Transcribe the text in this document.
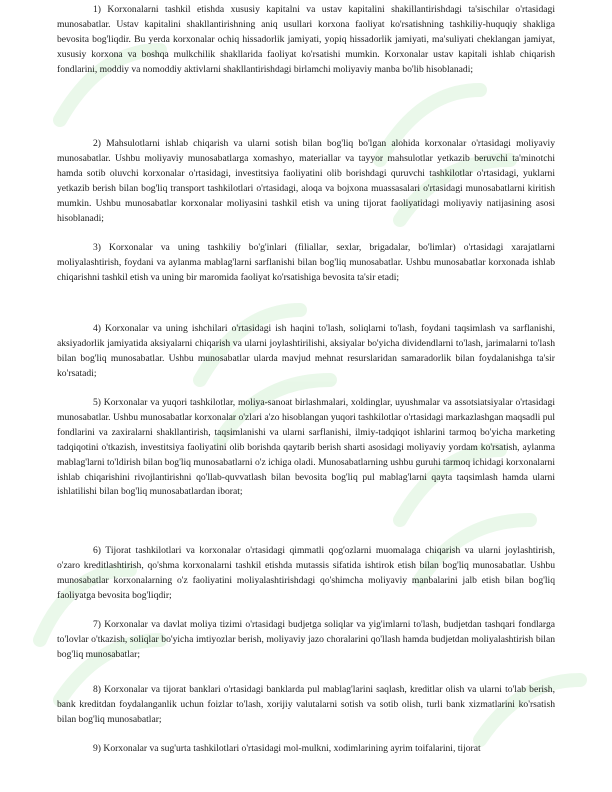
1) Korxonalarni tashkil etishda xususiy kapitalni va ustav kapitalini shakillantirishdagi ta'sischilar o'rtasidagi munosabatlar. Ustav kapitalini shakllantirishning aniq usullari korxona faoliyat ko'rsatishning tashkiliy-huquqiy shakliga bevosita bog'liqdir. Bu yerda korxonalar ochiq hissadorlik jamiyati, yopiq hissadorlik jamiyati, ma'suliyati cheklangan jamiyat, xususiy korxona va boshqa mulkchilik shakllarida faoliyat ko'rsatishi mumkin. Korxonalar ustav kapitali ishlab chiqarish fondlarini, moddiy va nomoddiy aktivlarni shakllantirishdagi birlamchi moliyaviy manba bo'lib hisoblanadi;

2) Mahsulotlarni ishlab chiqarish va ularni sotish bilan bog'liq bo'lgan alohida korxonalar o'rtasidagi moliyaviy munosabatlar. Ushbu moliyaviy munosabatlarga xomashyo, materiallar va tayyor mahsulotlar yetkazib beruvchi ta'minotchi hamda sotib oluvchi korxonalar o'rtasidagi, investitsiya faoliyatini olib borishdagi quruvchi tashkilotlar o'rtasidagi, yuklarni yetkazib berish bilan bog'liq transport tashkilotlari o'rtasidagi, aloqa va bojxona muassasalari o'rtasidagi munosabatlarni kiritish mumkin. Ushbu munosabatlar korxonalar moliyasini tashkil etish va uning tijorat faoliyatidagi moliyaviy natijasining asosi hisoblanadi;

3) Korxonalar va uning tashkiliy bo'g'inlari (filiallar, sexlar, brigadalar, bo'limlar) o'rtasidagi xarajatlarni moliyalashtirish, foydani va aylanma mablag'larni sarflanishi bilan bog'liq munosabatlar. Ushbu munosabatlar korxonada ishlab chiqarishni tashkil etish va uning bir maromida faoliyat ko'rsatishiga bevosita ta'sir etadi;

4) Korxonalar va uning ishchilari o'rtasidagi ish haqini to'lash, soliqlarni to'lash, foydani taqsimlash va sarflanishi, aksiyadorlik jamiyatida aksiyalarni chiqarish va ularni joylashtirilishi, aksiyalar bo'yicha dividendlarni to'lash, jarimalarni to'lash bilan bog'liq munosabatlar. Ushbu munosabatlar ularda mavjud mehnat resurslaridan samaradorlik bilan foydalanishga ta'sir ko'rsatadi;

5) Korxonalar va yuqori tashkilotlar, moliya-sanoat birlashmalari, xoldinglar, uyushmalar va assotsiatsiyalar o'rtasidagi munosabatlar. Ushbu munosabatlar korxonalar o'zlari a'zo hisoblangan yuqori tashkilotlar o'rtasidagi markazlashgan maqsadli pul fondlarini va zaxiralarni shakllantirish, taqsimlanishi va ularni sarflanishi, ilmiy-tadqiqot ishlarini tarmoq bo'yicha marketing tadqiqotini o'tkazish, investitsiya faoliyatini olib borishda qaytarib berish sharti asosidagi moliyaviy yordam ko'rsatish, aylanma mablag'larni to'ldirish bilan bog'liq munosabatlarni o'z ichiga oladi. Munosabatlarning ushbu guruhi tarmoq ichidagi korxonalarni ishlab chiqarishini rivojlantirishni qo'llab-quvvatlash bilan bevosita bog'liq pul mablag'larni qayta taqsimlash hamda ularni ishlatilishi bilan bog'liq munosabatlardan iborat;

6) Tijorat tashkilotlari va korxonalar o'rtasidagi qimmatli qog'ozlarni muomalaga chiqarish va ularni joylashtirish, o'zaro kreditlashtirish, qo'shma korxonalarni tashkil etishda mutassis sifatida ishtirok etish bilan bog'liq munosabatlar. Ushbu munosabatlar korxonalarning o'z faoliyatini moliyalashtirishdagi qo'shimcha moliyaviy manbalarini jalb etish bilan bog'liq faoliyatga bevosita bog'liqdir;

7) Korxonalar va davlat moliya tizimi o'rtasidagi budjetga soliqlar va yig'imlarni to'lash, budjetdan tashqari fondlarga to'lovlar o'tkazish, soliqlar bo'yicha imtiyozlar berish, moliyaviy jazo choralarini qo'llash hamda budjetdan moliyalashtirish bilan bog'liq munosabatlar;

8) Korxonalar va tijorat banklari o'rtasidagi banklarda pul mablag'larini saqlash, kreditlar olish va ularni to'lab berish, bank kreditdan foydalanganlik uchun foizlar to'lash, xorijiy valutalarni sotish va sotib olish, turli bank xizmatlarini ko'rsatish bilan bog'liq munosabatlar;

9) Korxonalar va sug'urta tashkilotlari o'rtasidagi mol-mulkni, xodimlarining ayrim toifalarini, tijorat
